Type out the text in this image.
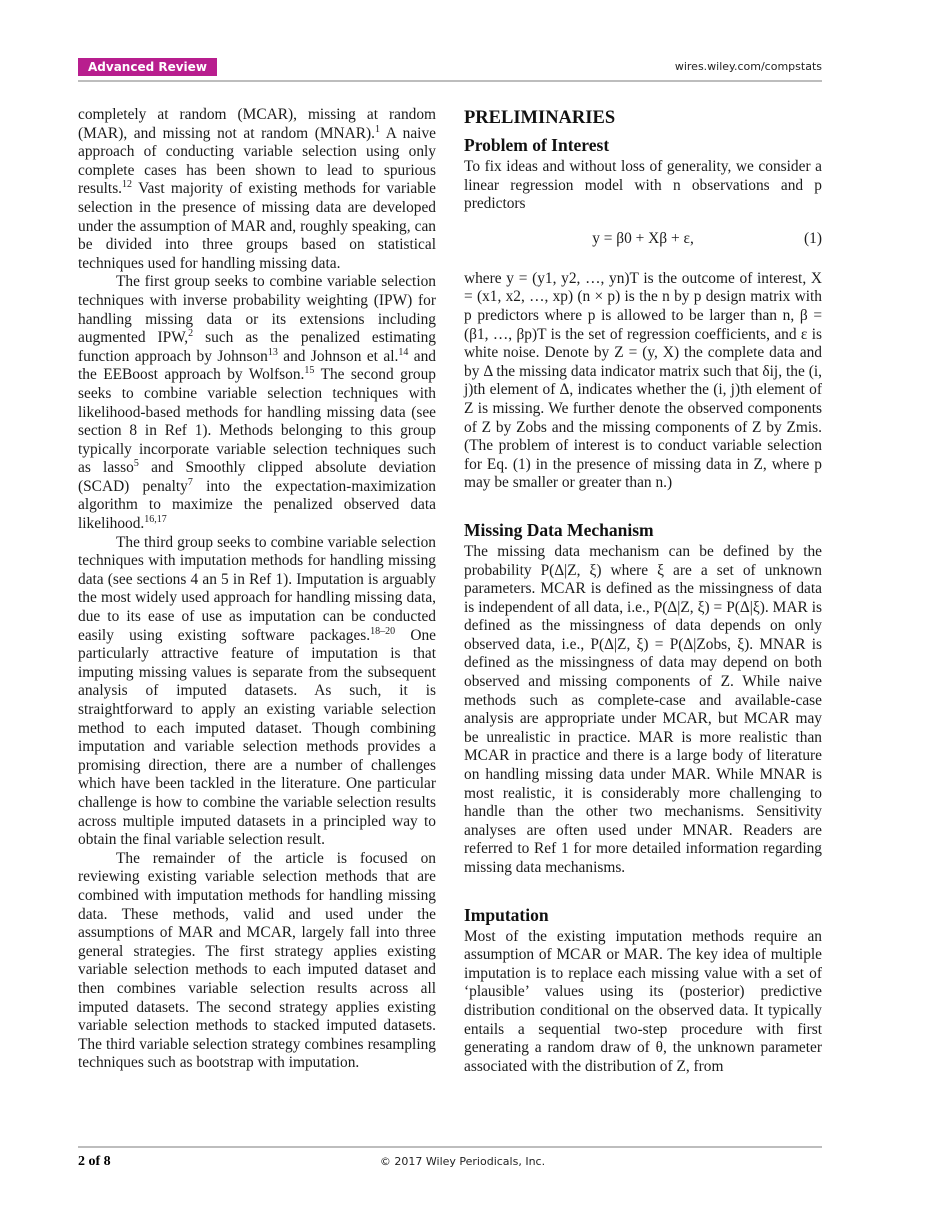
Advanced Review	wires.wiley.com/compstats

completely at random (MCAR), missing at random (MAR), and missing not at random (MNAR).$^1$ A naive approach of conducting variable selection using only complete cases has been shown to lead to spurious results.$^{12}$ Vast majority of existing methods for variable selection in the presence of missing data are developed under the assumption of MAR and, roughly speaking, can be divided into three groups based on statistical techniques used for handling missing data.

The first group seeks to combine variable selection techniques with inverse probability weighting (IPW) for handling missing data or its extensions including augmented IPW,$^2$ such as the penalized estimating function approach by Johnson$^{13}$ and Johnson et al.$^{14}$ and the EEBoost approach by Wolfson.$^{15}$ The second group seeks to combine variable selection techniques with likelihood-based methods for handling missing data (see section 8 in Ref 1). Methods belonging to this group typically incorporate variable selection techniques such as lasso$^5$ and Smoothly clipped absolute deviation (SCAD) penalty$^7$ into the expectation-maximization algorithm to maximize the penalized observed data likelihood.$^{16,17}$

The third group seeks to combine variable selection techniques with imputation methods for handling missing data (see sections 4 an 5 in Ref 1). Imputation is arguably the most widely used approach for handling missing data, due to its ease of use as imputation can be conducted easily using existing software packages.$^{18-20}$ One particularly attractive feature of imputation is that imputing missing values is separate from the subsequent analysis of imputed datasets. As such, it is straightforward to apply an existing variable selection method to each imputed dataset. Though combining imputation and variable selection methods provides a promising direction, there are a number of challenges which have been tackled in the literature. One particular challenge is how to combine the variable selection results across multiple imputed datasets in a principled way to obtain the final variable selection result.

The remainder of the article is focused on reviewing existing variable selection methods that are combined with imputation methods for handling missing data. These methods, valid and used under the assumptions of MAR and MCAR, largely fall into three general strategies. The first strategy applies existing variable selection methods to each imputed dataset and then combines variable selection results across all imputed datasets. The second strategy applies existing variable selection methods to stacked imputed datasets. The third variable selection strategy combines resampling techniques such as bootstrap with imputation.

PRELIMINARIES
Problem of Interest

To fix ideas and without loss of generality, we consider a linear regression model with n observations and p predictors

y = β0 + Xβ + ε,	(1)

where y = (y1, y2, …, yn)T is the outcome of interest, X = (x1, x2, …, xp) (n × p) is the n by p design matrix with p predictors where p is allowed to be larger than n, β = (β1, …, βp)T is the set of regression coefficients, and ε is white noise. Denote by Z = (y, X) the complete data and by Δ the missing data indicator matrix such that δij, the (i, j)th element of Δ, indicates whether the (i, j)th element of Z is missing. We further denote the observed components of Z by Zobs and the missing components of Z by Zmis. (The problem of interest is to conduct variable selection for Eq. (1) in the presence of missing data in Z, where p may be smaller or greater than n.)

Missing Data Mechanism

The missing data mechanism can be defined by the probability P(Δ|Z, ξ) where ξ are a set of unknown parameters. MCAR is defined as the missingness of data is independent of all data, i.e., P(Δ|Z, ξ) = P(Δ|ξ). MAR is defined as the missingness of data depends on only observed data, i.e., P(Δ|Z, ξ) = P(Δ|Zobs, ξ). MNAR is defined as the missingness of data may depend on both observed and missing components of Z. While naive methods such as complete-case and available-case analysis are appropriate under MCAR, but MCAR may be unrealistic in practice. MAR is more realistic than MCAR in practice and there is a large body of literature on handling missing data under MAR. While MNAR is most realistic, it is considerably more challenging to handle than the other two mechanisms. Sensitivity analyses are often used under MNAR. Readers are referred to Ref 1 for more detailed information regarding missing data mechanisms.

Imputation

Most of the existing imputation methods require an assumption of MCAR or MAR. The key idea of multiple imputation is to replace each missing value with a set of ‘plausible’ values using its (posterior) predictive distribution conditional on the observed data. It typically entails a sequential two-step procedure with first generating a random draw of θ, the unknown parameter associated with the distribution of Z, from

2 of 8	© 2017 Wiley Periodicals, Inc.
